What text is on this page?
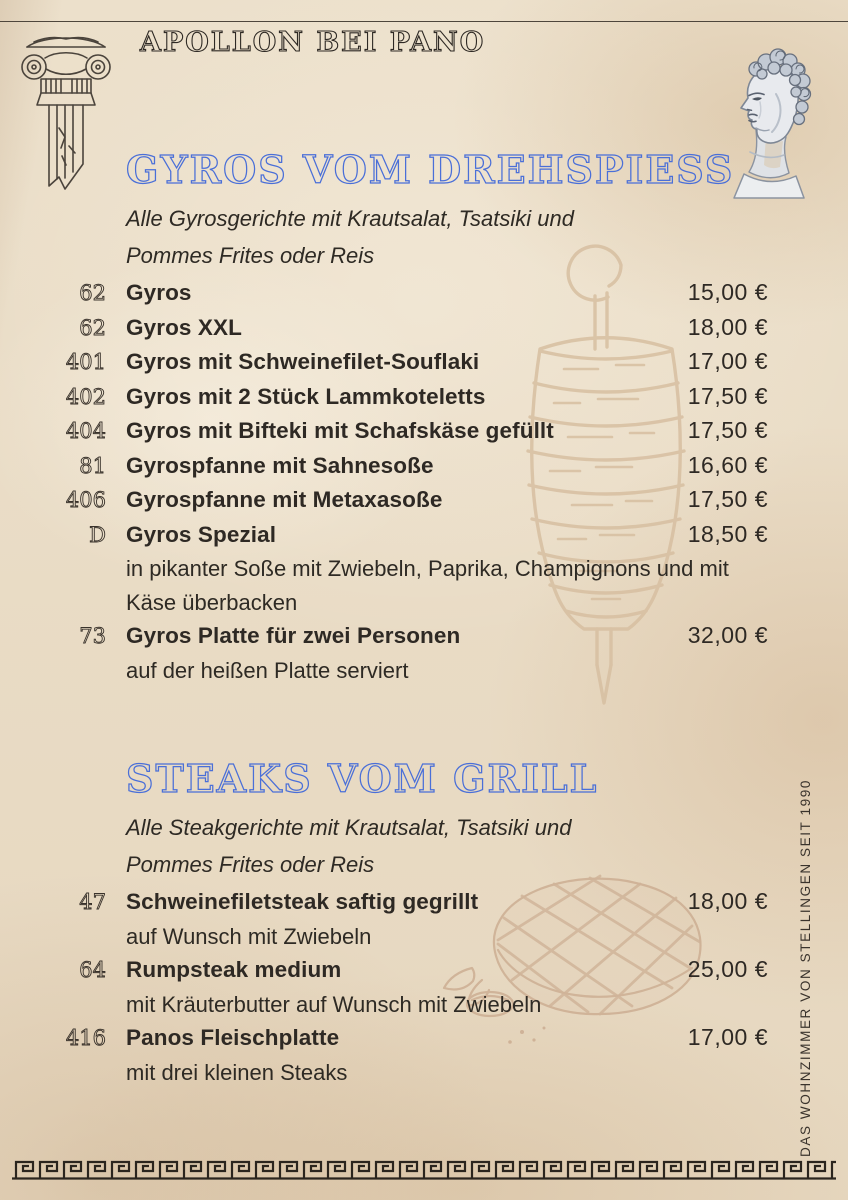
APOLLON BEI PANO
GYROS VOM DREHSPIESS
Alle Gyrosgerichte mit Krautsalat, Tsatsiki und Pommes Frites oder Reis
62 Gyros	15,00 €
62 Gyros XXL	18,00 €
401 Gyros mit Schweinefilet-Souflaki	17,00 €
402 Gyros mit 2 Stück Lammkoteletts	17,50 €
404 Gyros mit Bifteki mit Schafskäse gefüllt	17,50 €
81 Gyrospfanne mit Sahnesoße	16,60 €
406 Gyrospfanne mit Metaxasoße	17,50 €
D Gyros Spezial	18,50 €
in pikanter Soße mit Zwiebeln, Paprika, Champignons und mit Käse überbacken
73 Gyros Platte für zwei Personen	32,00 €
auf der heißen Platte serviert
STEAKS VOM GRILL
Alle Steakgerichte mit Krautsalat, Tsatsiki und Pommes Frites oder Reis
47 Schweinefiletsteak saftig gegrillt	18,00 €
auf Wunsch mit Zwiebeln
64 Rumpsteak medium	25,00 €
mit Kräuterbutter auf Wunsch mit Zwiebeln
416 Panos Fleischplatte	17,00 €
mit drei kleinen Steaks	DAS WOHNZIMMER VON STELLINGEN SEIT 1990
